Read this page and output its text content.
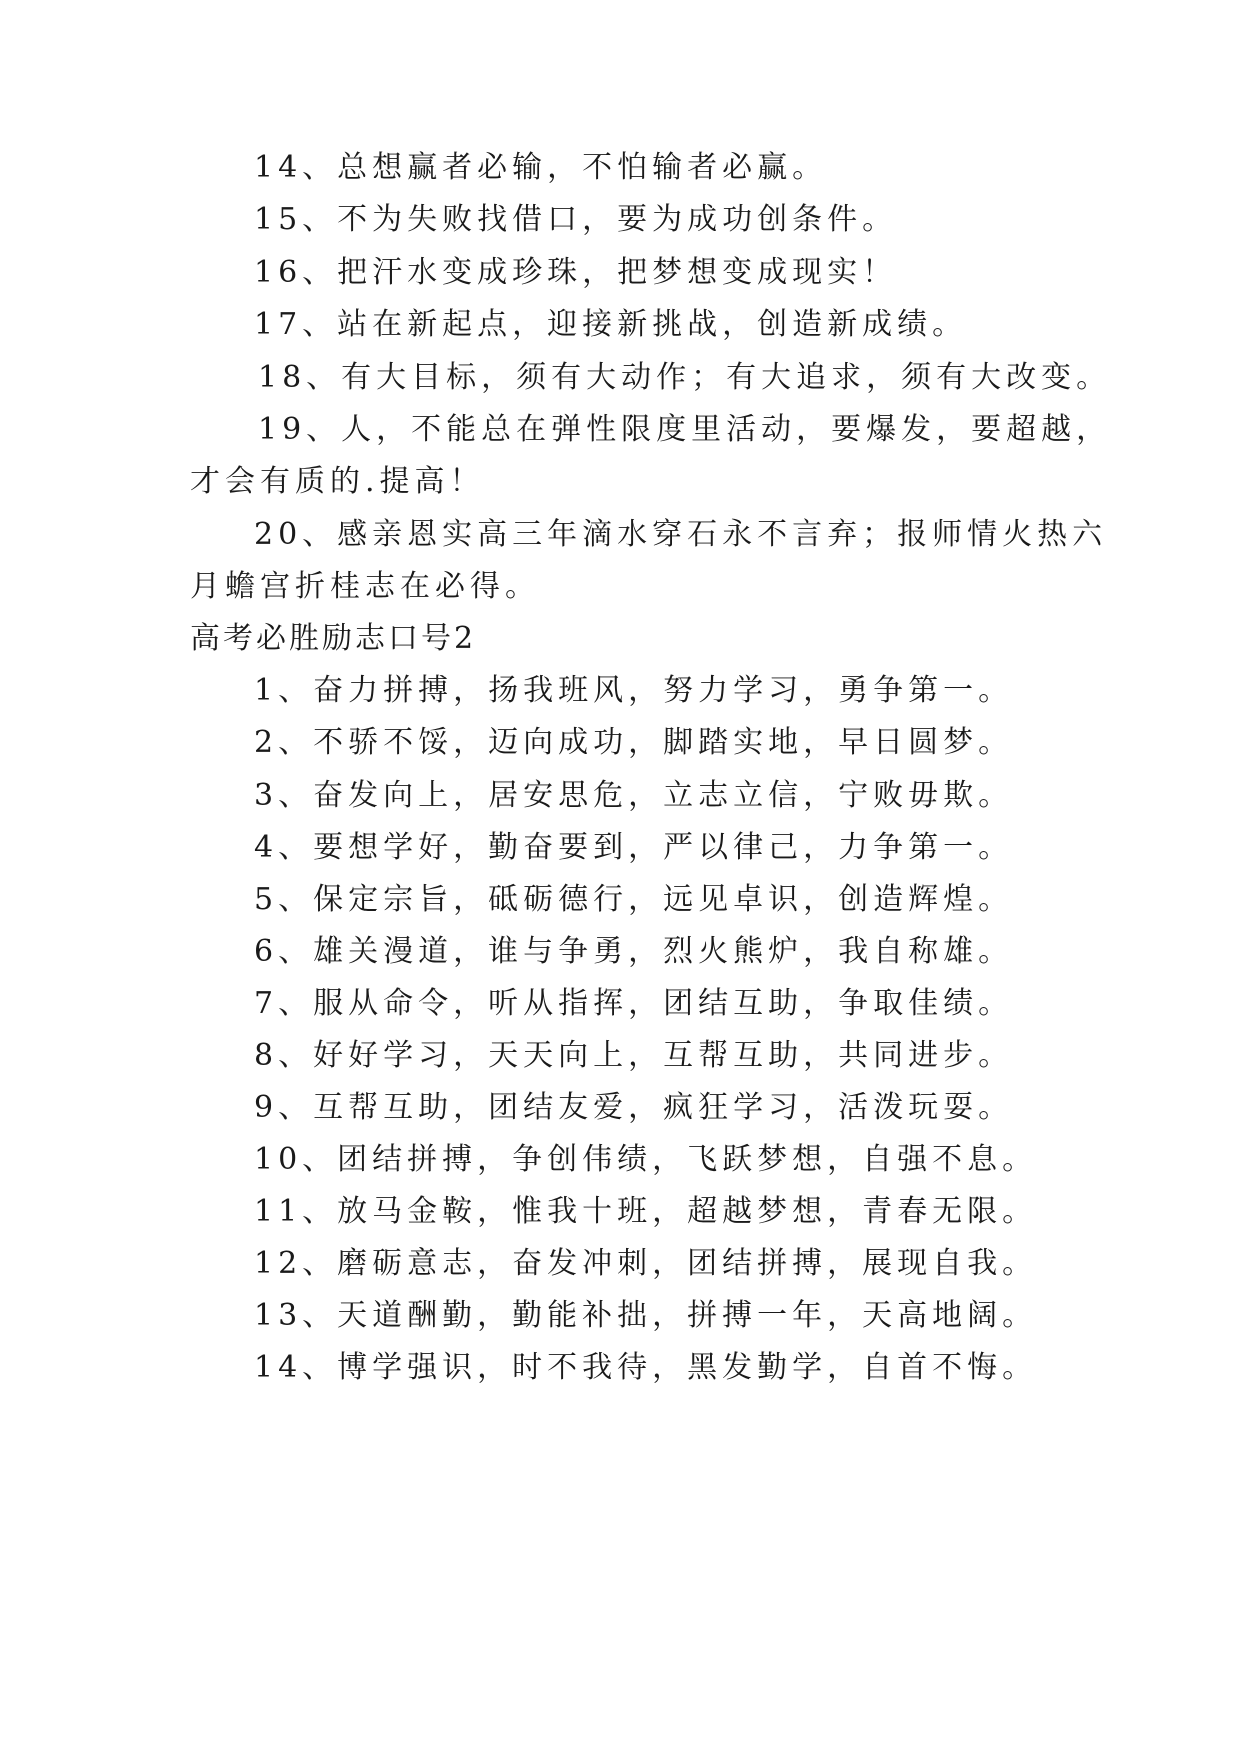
14、总想赢者必输，不怕输者必赢。
15、不为失败找借口，要为成功创条件。
16、把汗水变成珍珠，把梦想变成现实！
17、站在新起点，迎接新挑战，创造新成绩。
18、有大目标，须有大动作；有大追求，须有大改变。
19、人，不能总在弹性限度里活动，要爆发，要超越，
才会有质的.提高！
20、感亲恩实高三年滴水穿石永不言弃；报师情火热六
月蟾宫折桂志在必得。
高考必胜励志口号2
1、奋力拼搏，扬我班风，努力学习，勇争第一。
2、不骄不馁，迈向成功，脚踏实地，早日圆梦。
3、奋发向上，居安思危，立志立信，宁败毋欺。
4、要想学好，勤奋要到，严以律己，力争第一。
5、保定宗旨，砥砺德行，远见卓识，创造辉煌。
6、雄关漫道，谁与争勇，烈火熊炉，我自称雄。
7、服从命令，听从指挥，团结互助，争取佳绩。
8、好好学习，天天向上，互帮互助，共同进步。
9、互帮互助，团结友爱，疯狂学习，活泼玩耍。
10、团结拼搏，争创伟绩，飞跃梦想，自强不息。
11、放马金鞍，惟我十班，超越梦想，青春无限。
12、磨砺意志，奋发冲刺，团结拼搏，展现自我。
13、天道酬勤，勤能补拙，拼搏一年，天高地阔。
14、博学强识，时不我待，黑发勤学，自首不悔。
